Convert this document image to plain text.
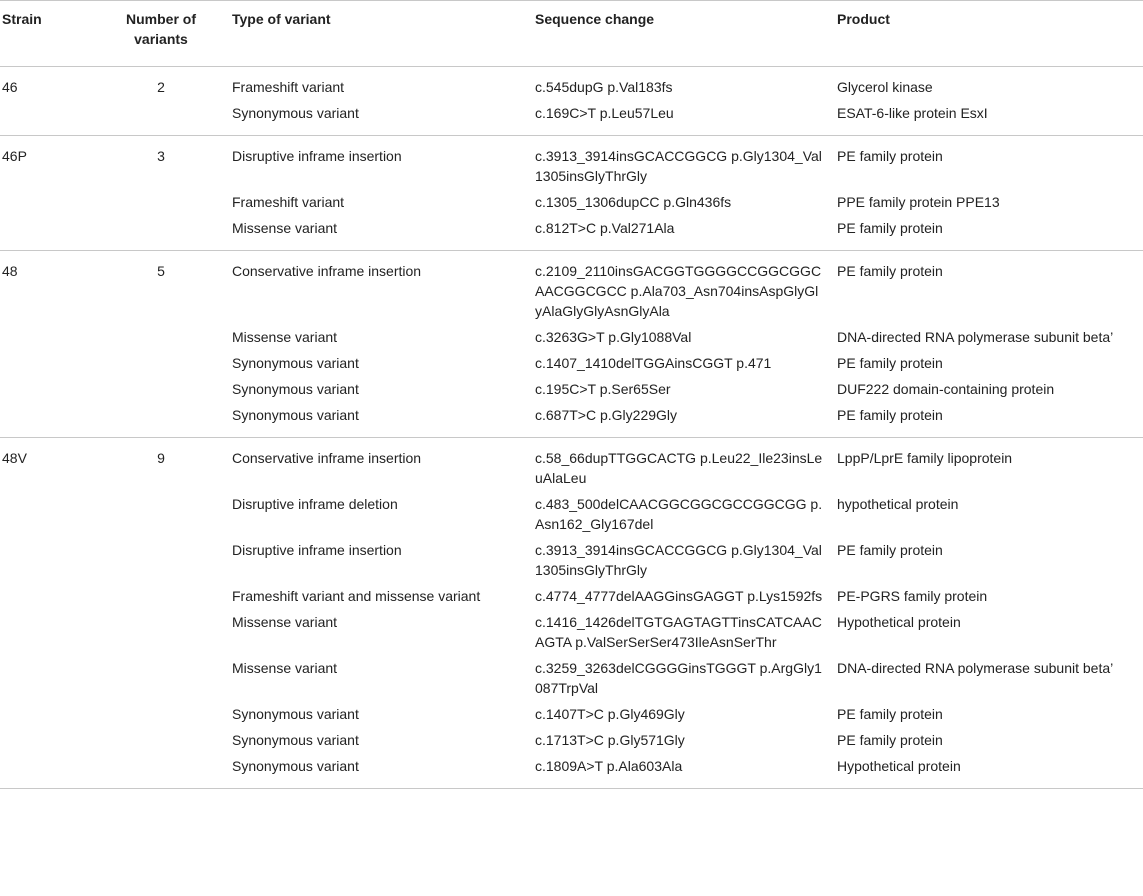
Strain	Number of variants	Type of variant	Sequence change	Product
46	2	Frameshift variant	c.545dupG p.Val183fs	Glycerol kinase
		Synonymous variant	c.169C>T p.Leu57Leu	ESAT-6-like protein EsxI
46P	3	Disruptive inframe insertion	c.3913_3914insGCACCGGCG p.Gly1304_Val1305insGlyThrGly	PE family protein
		Frameshift variant	c.1305_1306dupCC p.Gln436fs	PPE family protein PPE13
		Missense variant	c.812T>C p.Val271Ala	PE family protein
48	5	Conservative inframe insertion	c.2109_2110insGACGGTGGGGCCGGCGGCAACGGCGCC p.Ala703_Asn704insAspGlyGlyAlaGlyGlyAsnGlyAla	PE family protein
		Missense variant	c.3263G>T p.Gly1088Val	DNA-directed RNA polymerase subunit beta’
		Synonymous variant	c.1407_1410delTGGAinsCGGT p.471	PE family protein
		Synonymous variant	c.195C>T p.Ser65Ser	DUF222 domain-containing protein
		Synonymous variant	c.687T>C p.Gly229Gly	PE family protein
48V	9	Conservative inframe insertion	c.58_66dupTTGGCACTG p.Leu22_Ile23insLeuAlaLeu	LppP/LprE family lipoprotein
		Disruptive inframe deletion	c.483_500delCAACGGCGGCGCCGGCGG p.Asn162_Gly167del	hypothetical protein
		Disruptive inframe insertion	c.3913_3914insGCACCGGCG p.Gly1304_Val1305insGlyThrGly	PE family protein
		Frameshift variant and missense variant	c.4774_4777delAAGGinsGAGGT p.Lys1592fs	PE-PGRS family protein
		Missense variant	c.1416_1426delTGTGAGTAGTTinsCATCAACAGTA p.ValSerSerSer473IleAsnSerThr	Hypothetical protein
		Missense variant	c.3259_3263delCGGGGinsTGGGT p.ArgGly1087TrpVal	DNA-directed RNA polymerase subunit beta’
		Synonymous variant	c.1407T>C p.Gly469Gly	PE family protein
		Synonymous variant	c.1713T>C p.Gly571Gly	PE family protein
		Synonymous variant	c.1809A>T p.Ala603Ala	Hypothetical protein
